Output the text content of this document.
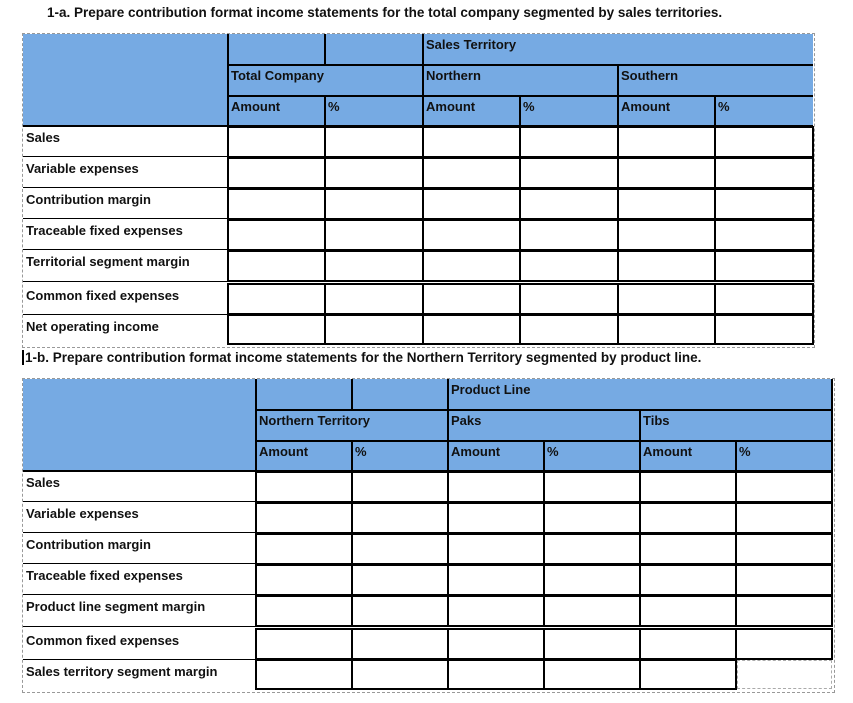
1-a. Prepare contribution format income statements for the total company segmented by sales territories.
Sales Territory
Total Company	Northern	Southern
Amount	%	Amount	%	Amount	%
Sales
Variable expenses
Contribution margin
Traceable fixed expenses
Territorial segment margin
Common fixed expenses
Net operating income
1-b. Prepare contribution format income statements for the Northern Territory segmented by product line.
Product Line
Northern Territory	Paks	Tibs
Amount	%	Amount	%	Amount	%
Sales
Variable expenses
Contribution margin
Traceable fixed expenses
Product line segment margin
Common fixed expenses
Sales territory segment margin
